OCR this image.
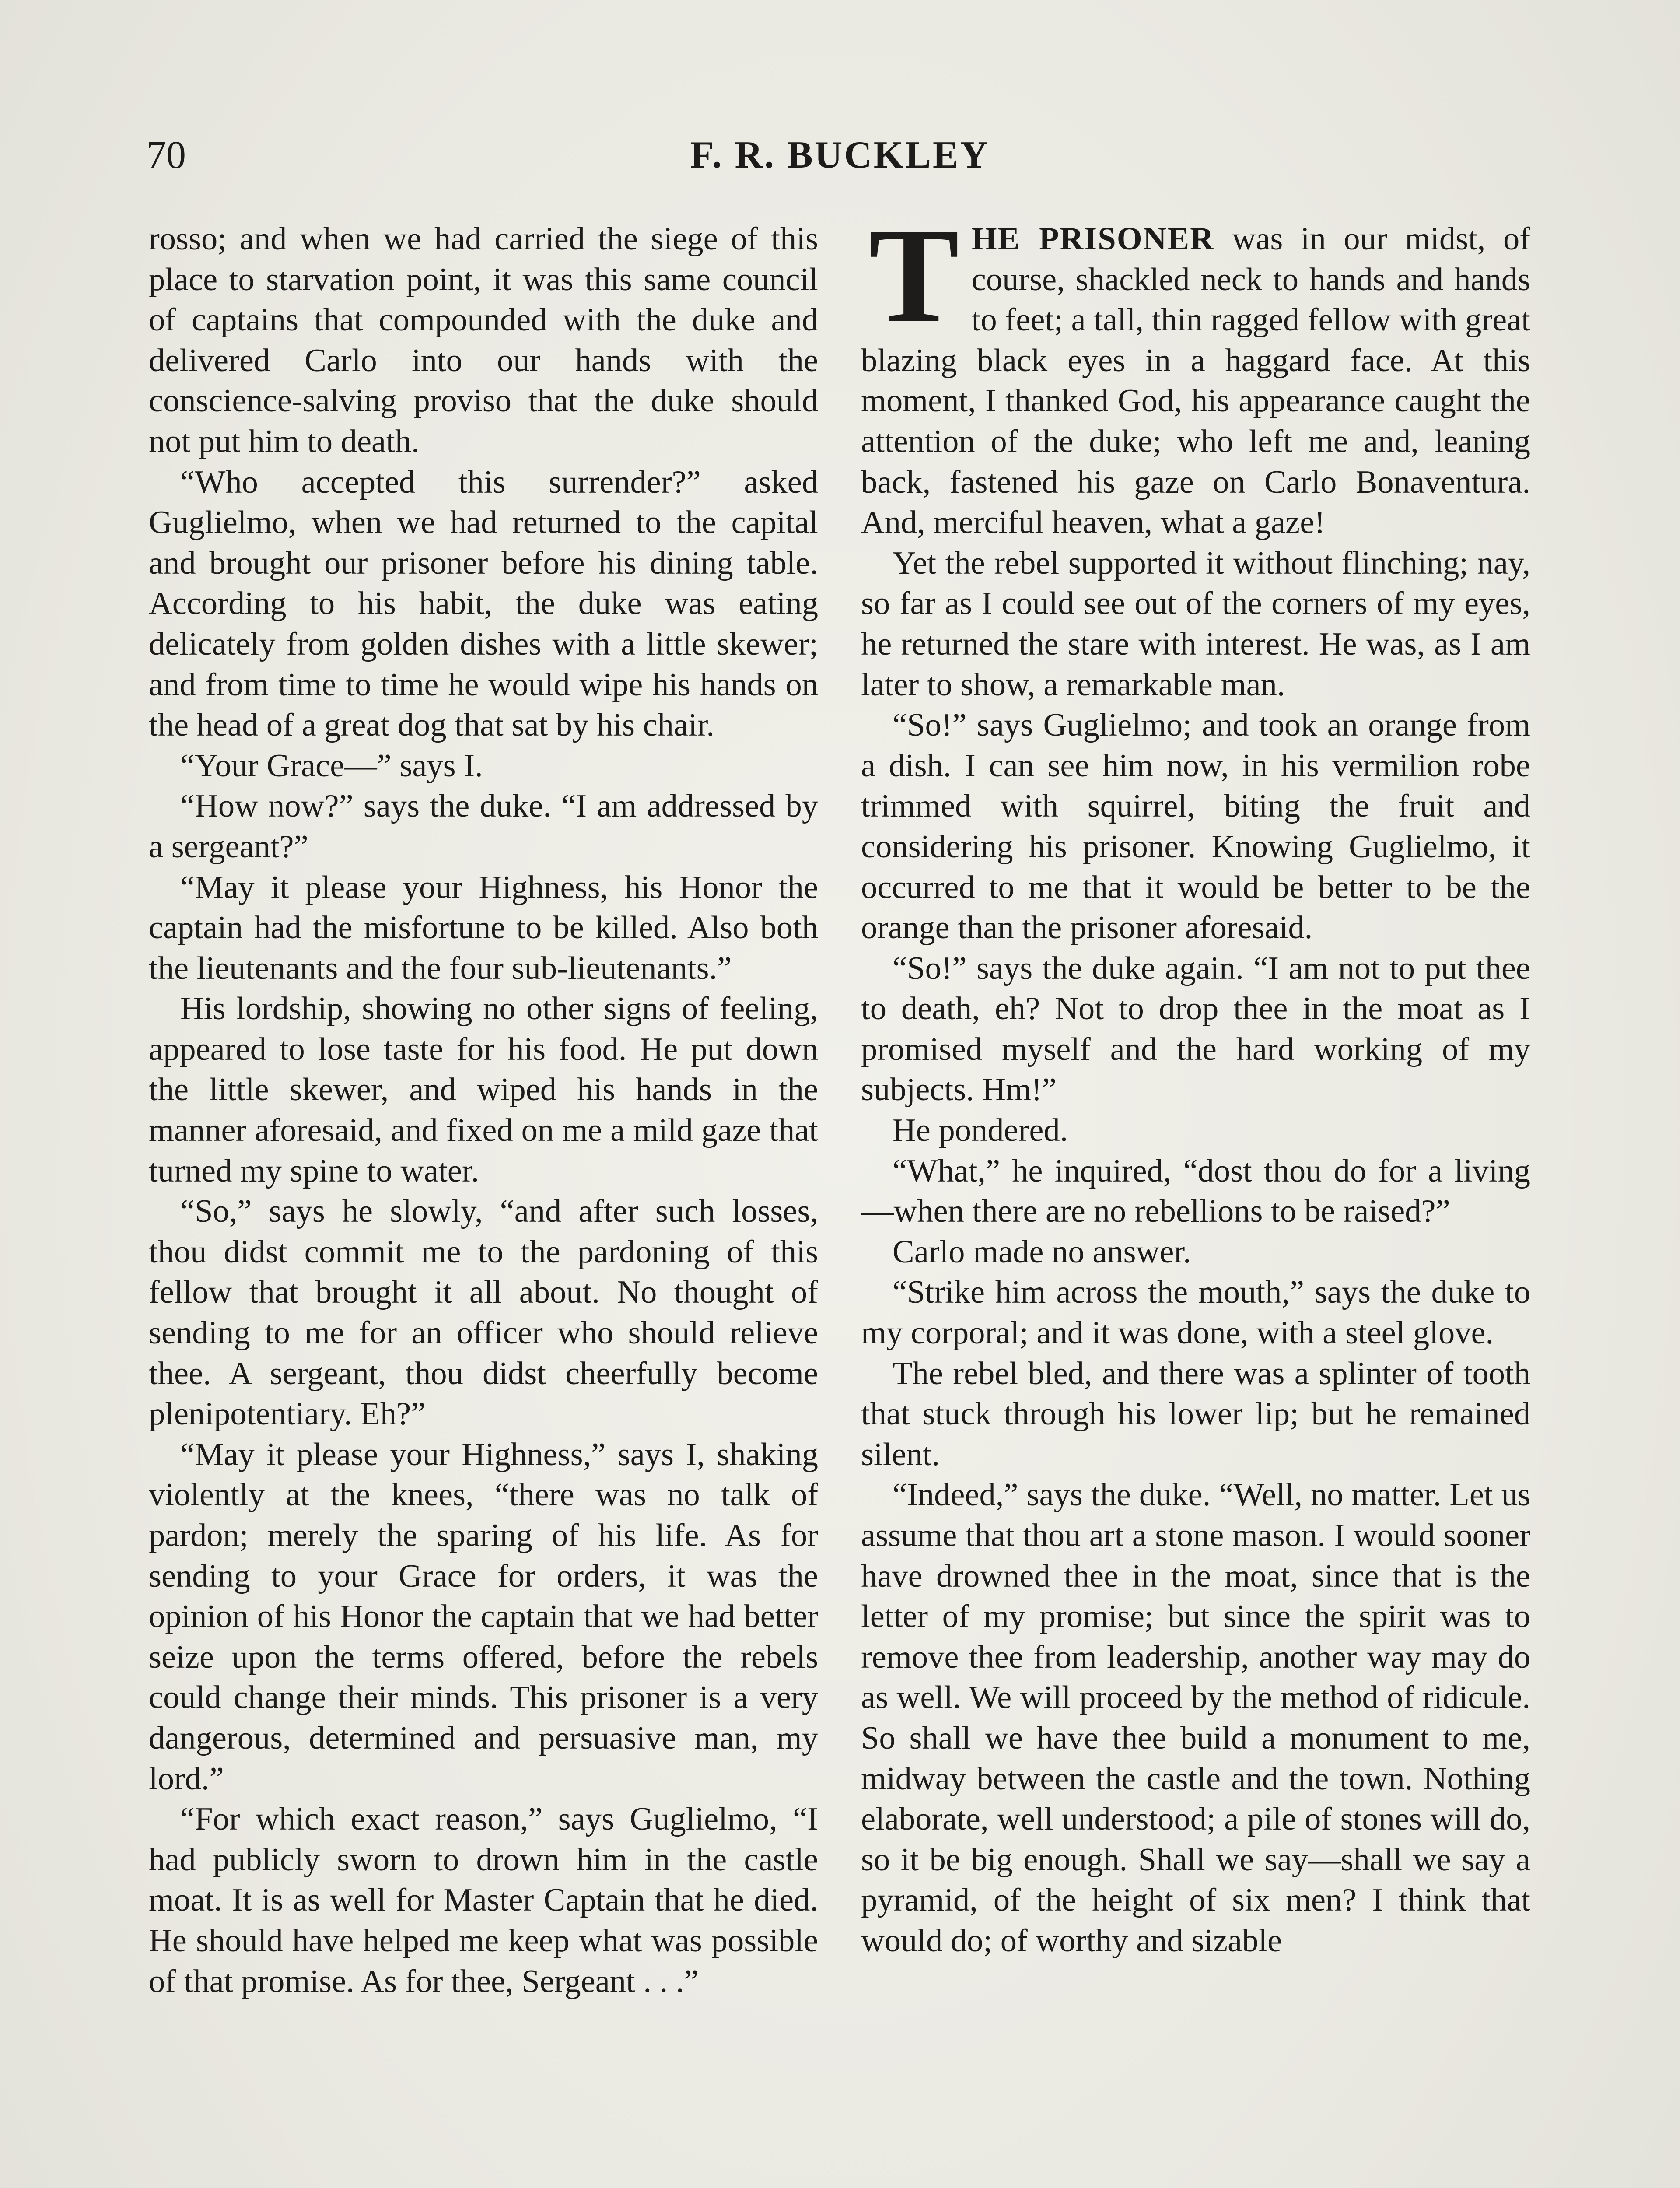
70	F. R. BUCKLEY

rosso; and when we had carried the siege of this place to starvation point, it was this same council of captains that compounded with the duke and delivered Carlo into our hands with the conscience-salving proviso that the duke should not put him to death.

“Who accepted this surrender?” asked Guglielmo, when we had returned to the capital and brought our prisoner before his dining table. According to his habit, the duke was eating delicately from golden dishes with a little skewer; and from time to time he would wipe his hands on the head of a great dog that sat by his chair.

“Your Grace—” says I.

“How now?” says the duke. “I am addressed by a sergeant?”

“May it please your Highness, his Honor the captain had the misfortune to be killed. Also both the lieutenants and the four sub-lieutenants.”

His lordship, showing no other signs of feeling, appeared to lose taste for his food. He put down the little skewer, and wiped his hands in the manner aforesaid, and fixed on me a mild gaze that turned my spine to water.

“So,” says he slowly, “and after such losses, thou didst commit me to the pardoning of this fellow that brought it all about. No thought of sending to me for an officer who should relieve thee. A sergeant, thou didst cheerfully become plenipotentiary. Eh?”

“May it please your Highness,” says I, shaking violently at the knees, “there was no talk of pardon; merely the sparing of his life. As for sending to your Grace for orders, it was the opinion of his Honor the captain that we had better seize upon the terms offered, before the rebels could change their minds. This prisoner is a very dangerous, determined and persuasive man, my lord.”

“For which exact reason,” says Guglielmo, “I had publicly sworn to drown him in the castle moat. It is as well for Master Captain that he died. He should have helped me keep what was possible of that promise. As for thee, Sergeant . . .”

THE PRISONER was in our midst, of course, shackled neck to hands and hands to feet; a tall, thin ragged fellow with great blazing black eyes in a haggard face. At this moment, I thanked God, his appearance caught the attention of the duke; who left me and, leaning back, fastened his gaze on Carlo Bonaventura. And, merciful heaven, what a gaze!

Yet the rebel supported it without flinching; nay, so far as I could see out of the corners of my eyes, he returned the stare with interest. He was, as I am later to show, a remarkable man.

“So!” says Guglielmo; and took an orange from a dish. I can see him now, in his vermilion robe trimmed with squirrel, biting the fruit and considering his prisoner. Knowing Guglielmo, it occurred to me that it would be better to be the orange than the prisoner aforesaid.

“So!” says the duke again. “I am not to put thee to death, eh? Not to drop thee in the moat as I promised myself and the hard working of my subjects. Hm!”

He pondered.

“What,” he inquired, “dost thou do for a living—when there are no rebellions to be raised?”

Carlo made no answer.

“Strike him across the mouth,” says the duke to my corporal; and it was done, with a steel glove.

The rebel bled, and there was a splinter of tooth that stuck through his lower lip; but he remained silent.

“Indeed,” says the duke. “Well, no matter. Let us assume that thou art a stone mason. I would sooner have drowned thee in the moat, since that is the letter of my promise; but since the spirit was to remove thee from leadership, another way may do as well. We will proceed by the method of ridicule. So shall we have thee build a monument to me, midway between the castle and the town. Nothing elaborate, well understood; a pile of stones will do, so it be big enough. Shall we say—shall we say a pyramid, of the height of six men? I think that would do; of worthy and sizable
